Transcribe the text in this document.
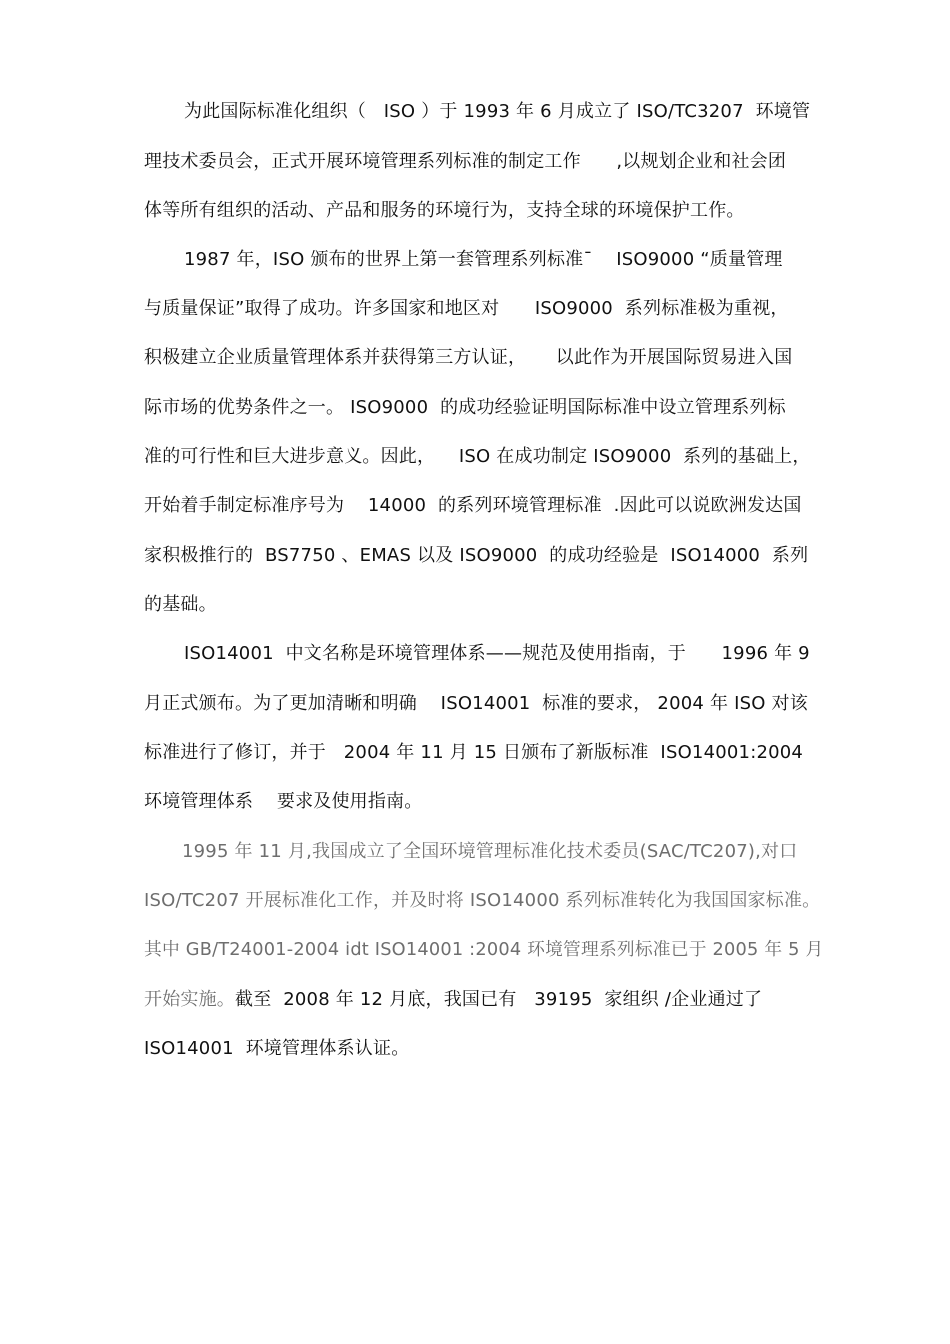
为此国际标准化组织（   ISO ）于 1993 年 6 月成立了 ISO/TC3207  环境管
理技术委员会，正式开展环境管理系列标准的制定工作      ,以规划企业和社会团
体等所有组织的活动、产品和服务的环境行为，支持全球的环境保护工作。
1987 年，ISO 颁布的世界上第一套管理系列标准¯    ISO9000 “质量管理
与质量保证”取得了成功。许多国家和地区对      ISO9000  系列标准极为重视，
积极建立企业质量管理体系并获得第三方认证，     以此作为开展国际贸易进入国
际市场的优势条件之一。 ISO9000  的成功经验证明国际标准中设立管理系列标
准的可行性和巨大进步意义。因此，    ISO 在成功制定 ISO9000  系列的基础上，
开始着手制定标准序号为    14000  的系列环境管理标准  .因此可以说欧洲发达国
家积极推行的  BS7750 、EMAS 以及 ISO9000  的成功经验是  ISO14000  系列
的基础。
ISO14001  中文名称是环境管理体系——规范及使用指南，于      1996 年 9
月正式颁布。为了更加清晰和明确    ISO14001  标准的要求， 2004 年 ISO 对该
标准进行了修订，并于   2004 年 11 月 15 日颁布了新版标准  ISO14001:2004
环境管理体系    要求及使用指南。
1995 年 11 月,我国成立了全国环境管理标准化技术委员(SAC/TC207),对口
ISO/TC207 开展标准化工作，并及时将 ISO14000 系列标准转化为我国国家标准。
其中 GB/T24001-2004 idt ISO14001 :2004 环境管理系列标准已于 2005 年 5 月
开始实施。截至  2008 年 12 月底，我国已有   39195  家组织 /企业通过了
ISO14001  环境管理体系认证。
